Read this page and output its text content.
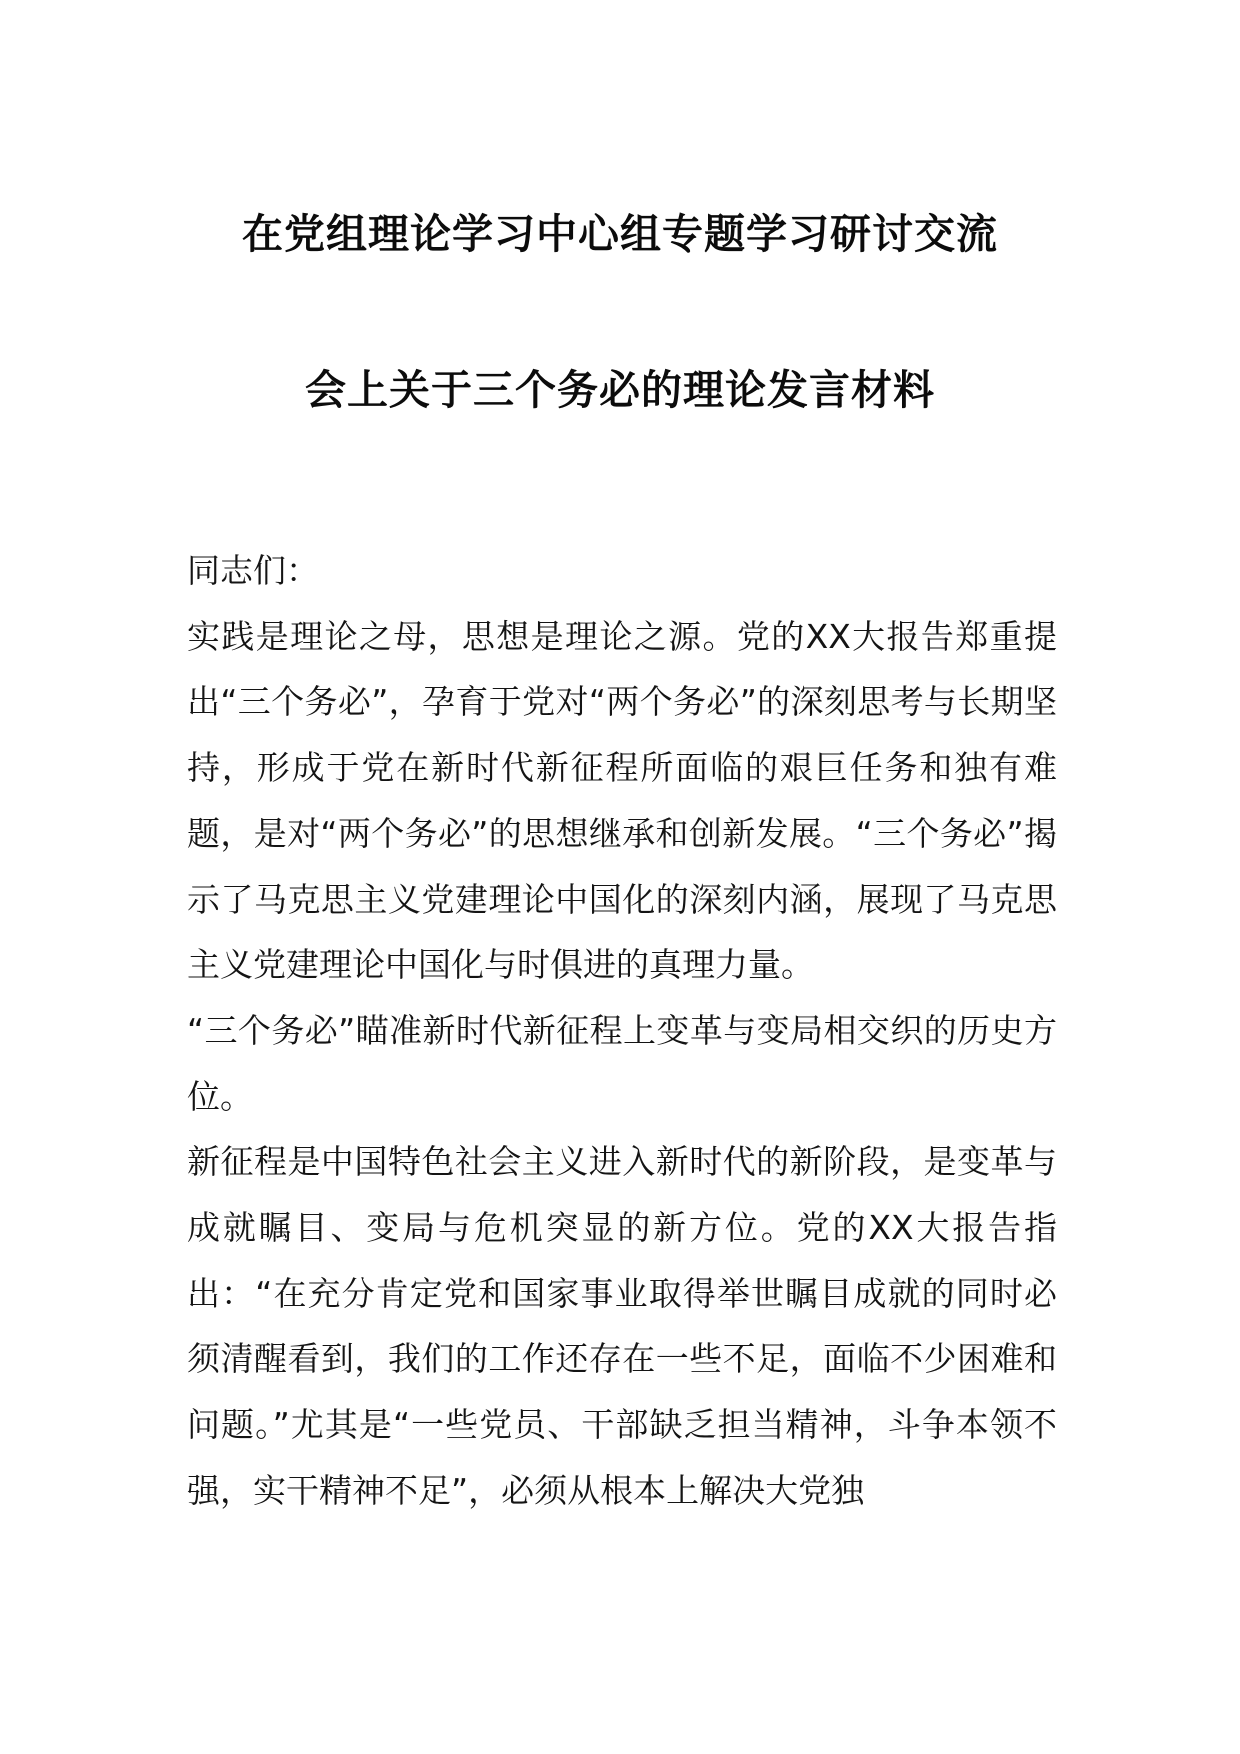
在党组理论学习中心组专题学习研讨交流
会上关于三个务必的理论发言材料

同志们：

实践是理论之母，思想是理论之源。党的XX大报告郑重提出“三个务必”，孕育于党对“两个务必”的深刻思考与长期坚持，形成于党在新时代新征程所面临的艰巨任务和独有难题，是对“两个务必”的思想继承和创新发展。“三个务必”揭示了马克思主义党建理论中国化的深刻内涵，展现了马克思主义党建理论中国化与时俱进的真理力量。

“三个务必”瞄准新时代新征程上变革与变局相交织的历史方位。

新征程是中国特色社会主义进入新时代的新阶段，是变革与成就瞩目、变局与危机突显的新方位。党的XX大报告指出：“在充分肯定党和国家事业取得举世瞩目成就的同时必须清醒看到，我们的工作还存在一些不足，面临不少困难和问题。”尤其是“一些党员、干部缺乏担当精神，斗争本领不强，实干精神不足”，必须从根本上解决大党独
